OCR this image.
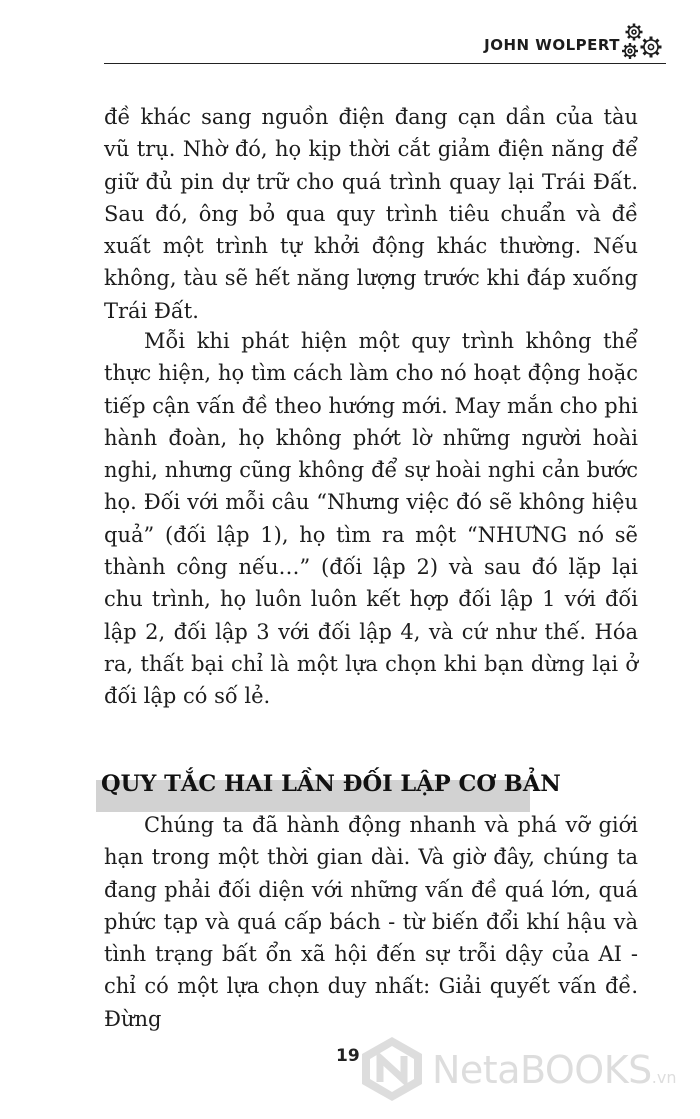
JOHN WOLPERT

đề khác sang nguồn điện đang cạn dần của tàu vũ trụ. Nhờ đó, họ kịp thời cắt giảm điện năng để giữ đủ pin dự trữ cho quá trình quay lại Trái Đất. Sau đó, ông bỏ qua quy trình tiêu chuẩn và đề xuất một trình tự khởi động khác thường. Nếu không, tàu sẽ hết năng lượng trước khi đáp xuống Trái Đất.

Mỗi khi phát hiện một quy trình không thể thực hiện, họ tìm cách làm cho nó hoạt động hoặc tiếp cận vấn đề theo hướng mới. May mắn cho phi hành đoàn, họ không phớt lờ những người hoài nghi, nhưng cũng không để sự hoài nghi cản bước họ. Đối với mỗi câu “Nhưng việc đó sẽ không hiệu quả” (đối lập 1), họ tìm ra một “NHƯNG nó sẽ thành công nếu…” (đối lập 2) và sau đó lặp lại chu trình, họ luôn luôn kết hợp đối lập 1 với đối lập 2, đối lập 3 với đối lập 4, và cứ như thế. Hóa ra, thất bại chỉ là một lựa chọn khi bạn dừng lại ở đối lập có số lẻ.

QUY TẮC HAI LẦN ĐỐI LẬP CƠ BẢN

Chúng ta đã hành động nhanh và phá vỡ giới hạn trong một thời gian dài. Và giờ đây, chúng ta đang phải đối diện với những vấn đề quá lớn, quá phức tạp và quá cấp bách - từ biến đổi khí hậu và tình trạng bất ổn xã hội đến sự trỗi dậy của AI - chỉ có một lựa chọn duy nhất: Giải quyết vấn đề. Đừng

19 NetaBOOKS.vn
